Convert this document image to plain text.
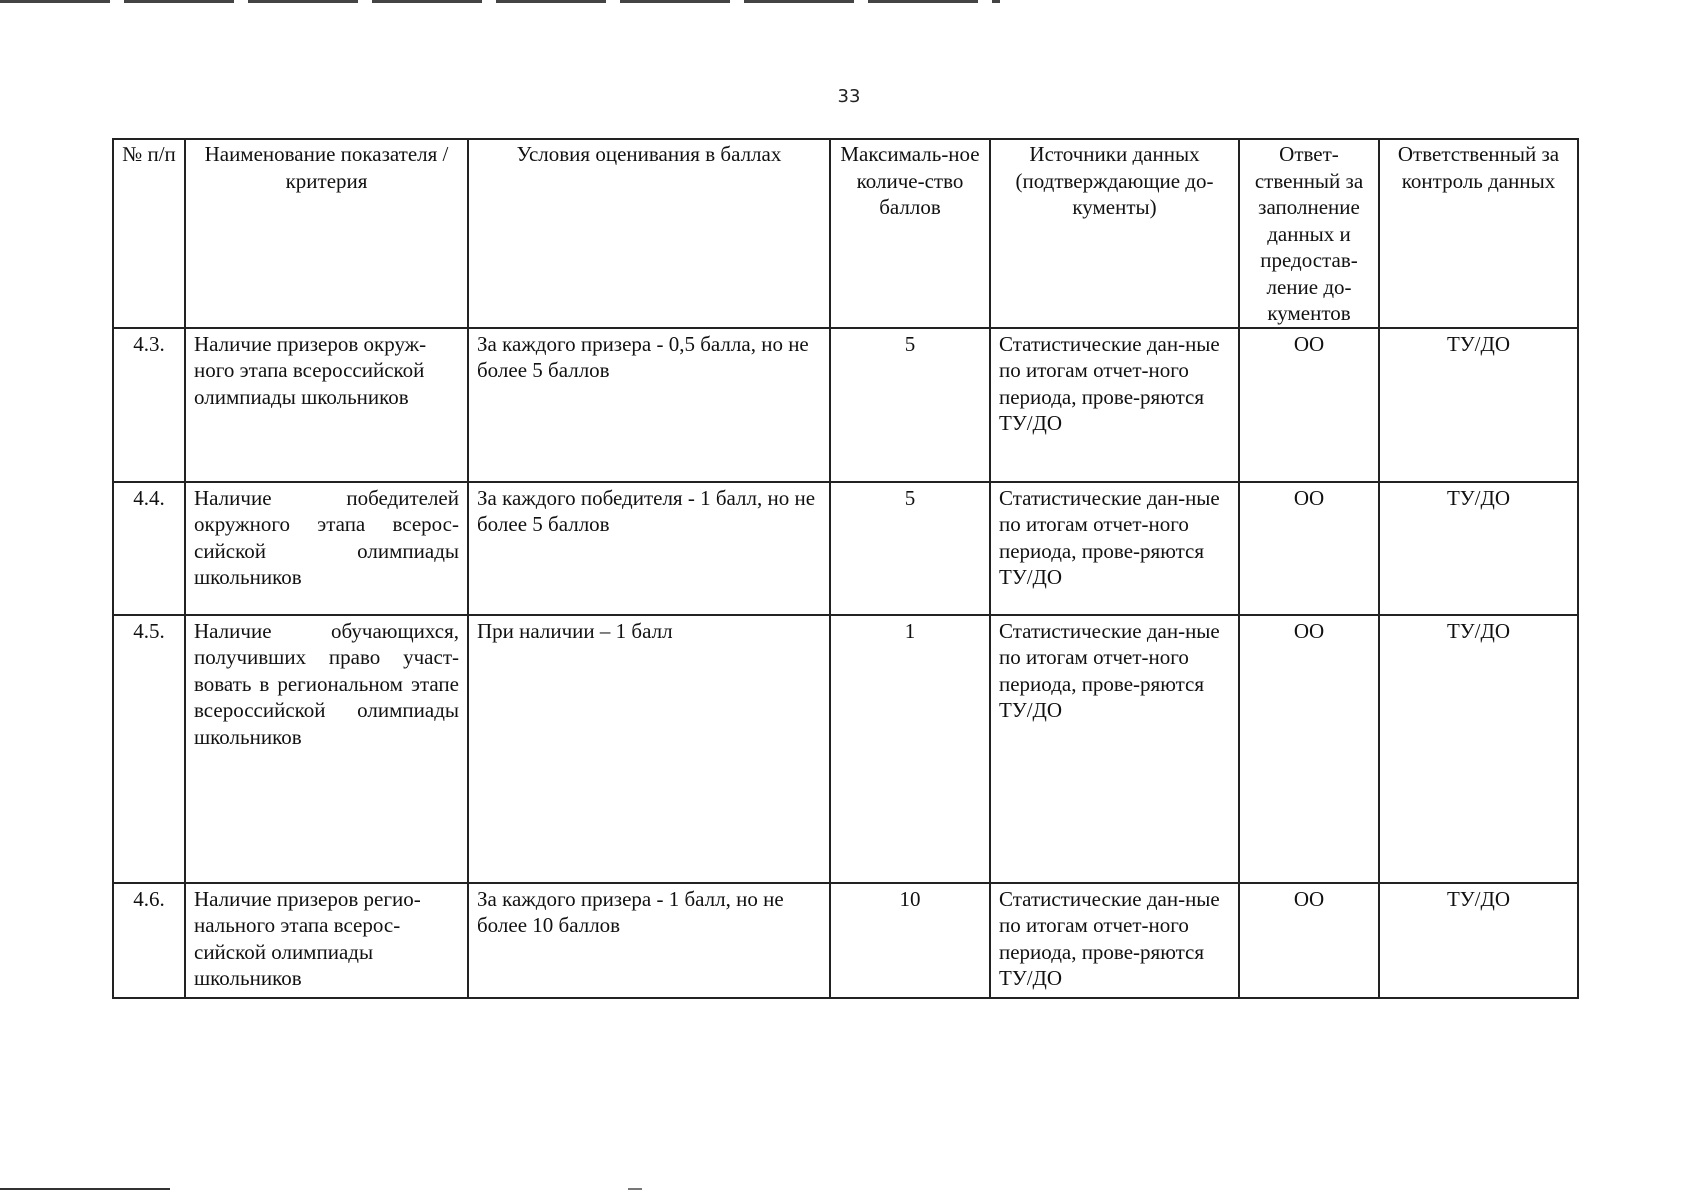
33
№ п/п	Наименование показателя / критерия	Условия оценивания в баллах	Максималь-ное количе-ство баллов	Источники данных (подтверждающие до-кументы)	Ответ-ственный за заполнение данных и предостав-ление до-кументов	Ответственный за контроль данных
4.3.	Наличие призеров окруж-ного этапа всероссийской олимпиады школьников	За каждого призера - 0,5 балла, но не более 5 баллов	5	Статистические дан-ные по итогам отчет-ного периода, прове-ряются ТУ/ДО	ОО	ТУ/ДО
4.4.	Наличие победителей окружного этапа всерос-сийской олимпиады школьников	За каждого победителя - 1 балл, но не более 5 баллов	5	Статистические дан-ные по итогам отчет-ного периода, прове-ряются ТУ/ДО	ОО	ТУ/ДО
4.5.	Наличие обучающихся, получивших право участ-вовать в региональном этапе всероссийской олимпиады школьников	При наличии – 1 балл	1	Статистические дан-ные по итогам отчет-ного периода, прове-ряются ТУ/ДО	ОО	ТУ/ДО
4.6.	Наличие призеров регио-нального этапа всерос-сийской олимпиады школьников	За каждого призера - 1 балл, но не более 10 баллов	10	Статистические дан-ные по итогам отчет-ного периода, прове-ряются ТУ/ДО	ОО	ТУ/ДО
